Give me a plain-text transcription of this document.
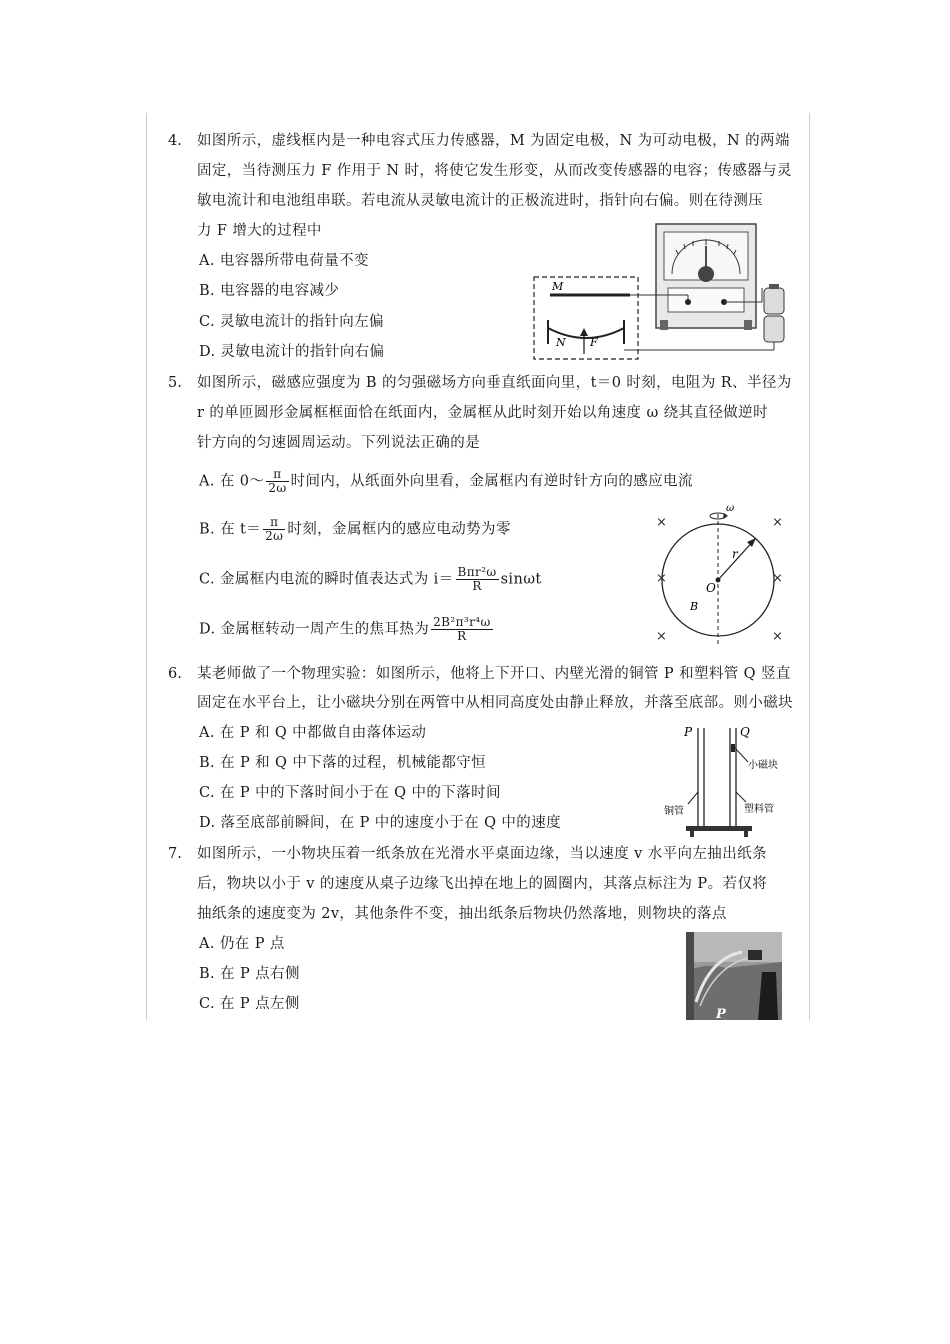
4. 如图所示，虚线框内是一种电容式压力传感器，M 为固定电极，N 为可动电极，N 的两端
固定，当待测压力 F 作用于 N 时，将使它发生形变，从而改变传感器的电容；传感器与灵
敏电流计和电池组串联。若电流从灵敏电流计的正极流进时，指针向右偏。则在待测压
力 F 增大的过程中
A. 电容器所带电荷量不变
B. 电容器的电容减少
C. 灵敏电流计的指针向左偏
D. 灵敏电流计的指针向右偏
M
N F
5. 如图所示，磁感应强度为 B 的匀强磁场方向垂直纸面向里，t＝0 时刻，电阻为 R、半径为
r 的单匝圆形金属框框面恰在纸面内，金属框从此时刻开始以角速度 ω 绕其直径做逆时
针方向的匀速圆周运动。下列说法正确的是
A. 在 0～ $\frac{\pi}{2\omega}$ 时间内，从纸面外向里看，金属框内有逆时针方向的感应电流
B. 在 $t= \frac{\pi}{2\omega}$ 时刻，金属框内的感应电动势为零
C. 金属框内电流的瞬时值表达式为 $i= \frac{\text{Bπr²ω}}{R}$ sinωt
D. 金属框转动一周产生的焦耳热为 $\frac{\text{2B²π³r⁴ω}}{R}$
×	×
×	×
×	×
ω
r
O
B
6. 某老师做了一个物理实验：如图所示，他将上下开口、内壁光滑的铜管 P 和塑料管 Q 竖直
固定在水平台上，让小磁块分别在两管中从相同高度处由静止释放，并落至底部。则小磁块
A. 在 P 和 Q 中都做自由落体运动
B. 在 P 和 Q 中下落的过程，机械能都守恒
C. 在 P 中的下落时间小于在 Q 中的下落时间
D. 落至底部前瞬间，在 P 中的速度小于在 Q 中的速度
P	Q
小磁块
铜管	塑料管
7. 如图所示，一小物块压着一纸条放在光滑水平桌面边缘，当以速度 v 水平向左抽出纸条
后，物块以小于 v 的速度从桌子边缘飞出掉在地上的圆圈内，其落点标注为 P。若仅将
抽纸条的速度变为 2v，其他条件不变，抽出纸条后物块仍然落地，则物块的落点
A. 仍在 P 点
B. 在 P 点右侧
C. 在 P 点左侧
P
